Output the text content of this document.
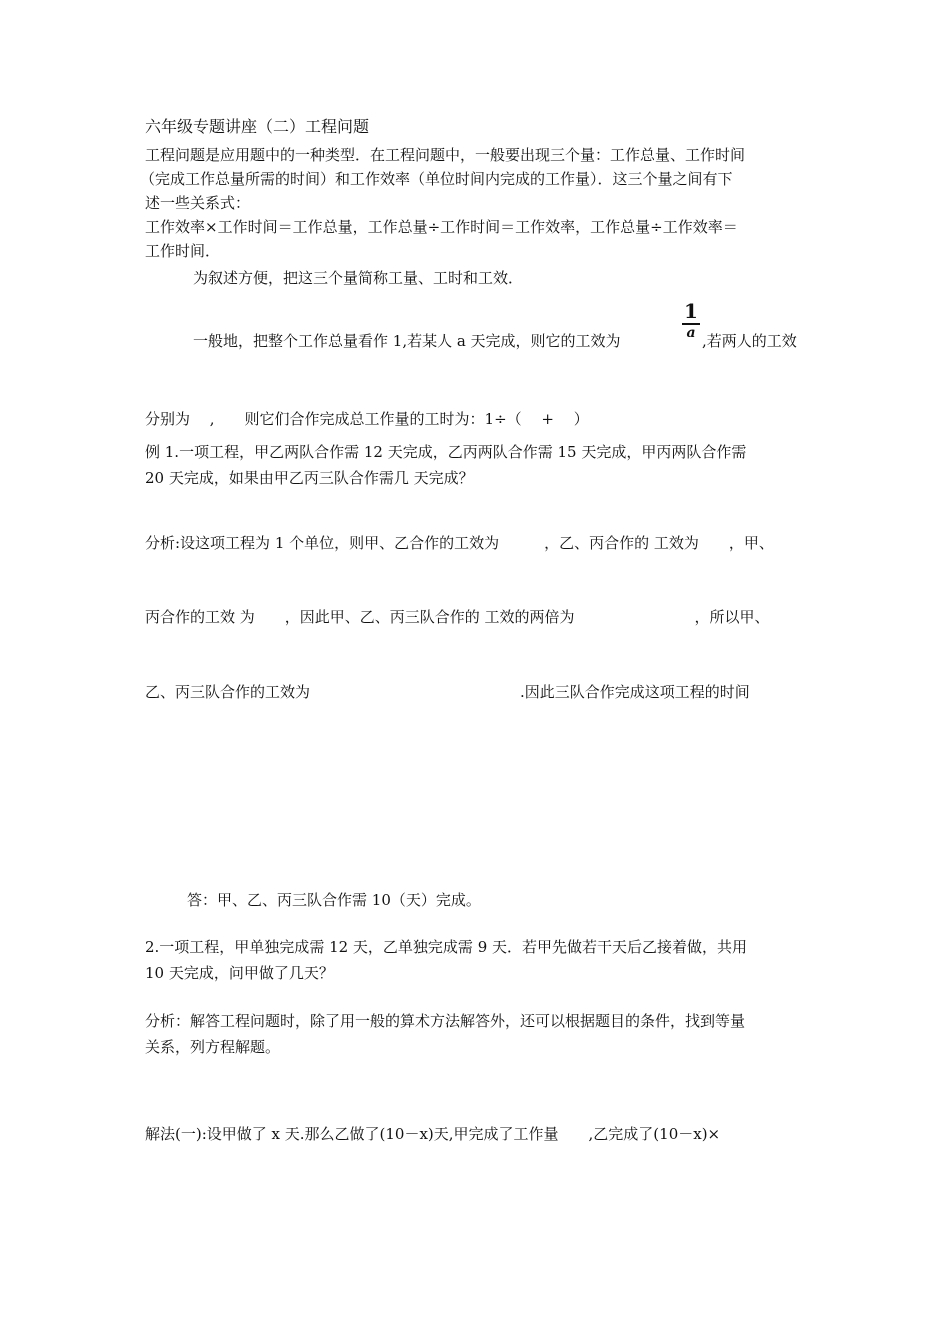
六年级专题讲座（二）工程问题
工程问题是应用题中的一种类型．在工程问题中，一般要出现三个量：工作总量、工作时间
（完成工作总量所需的时间）和工作效率（单位时间内完成的工作量）．这三个量之间有下
述一些关系式：
工作效率×工作时间＝工作总量，工作总量÷工作时间＝工作效率，工作总量÷工作效率＝
工作时间．
为叙述方便，把这三个量简称工量、工时和工效．
一般地，把整个工作总量看作 1,若某人 a 天完成，则它的工效为
1
a ,若两人的工效
分别为　 ,　　则它们合作完成总工作量的工时为：1÷（　 +　 ）
例 1.一项工程，甲乙两队合作需 12 天完成，乙丙两队合作需 15 天完成，甲丙两队合作需
20 天完成，如果由甲乙丙三队合作需几 天完成？
分析:设这项工程为 1 个单位，则甲、乙合作的工效为　　　，乙、丙合作的 工效为　　，甲、
丙合作的工效 为　　，因此甲、乙、丙三队合作的 工效的两倍为　　　　　　　　，所以甲、
乙、丙三队合作的工效为　　　　　　　　　　　　　　.因此三队合作完成这项工程的时间
答：甲、乙、丙三队合作需 10（天）完成。
2.一项工程，甲单独完成需 12 天，乙单独完成需 9 天．若甲先做若干天后乙接着做，共用
10 天完成，问甲做了几天？
分析：解答工程问题时，除了用一般的算术方法解答外，还可以根据题目的条件，找到等量
关系，列方程解题。
解法(一):设甲做了 x 天.那么乙做了(10－x)天,甲完成了工作量　　,乙完成了(10－x)×
